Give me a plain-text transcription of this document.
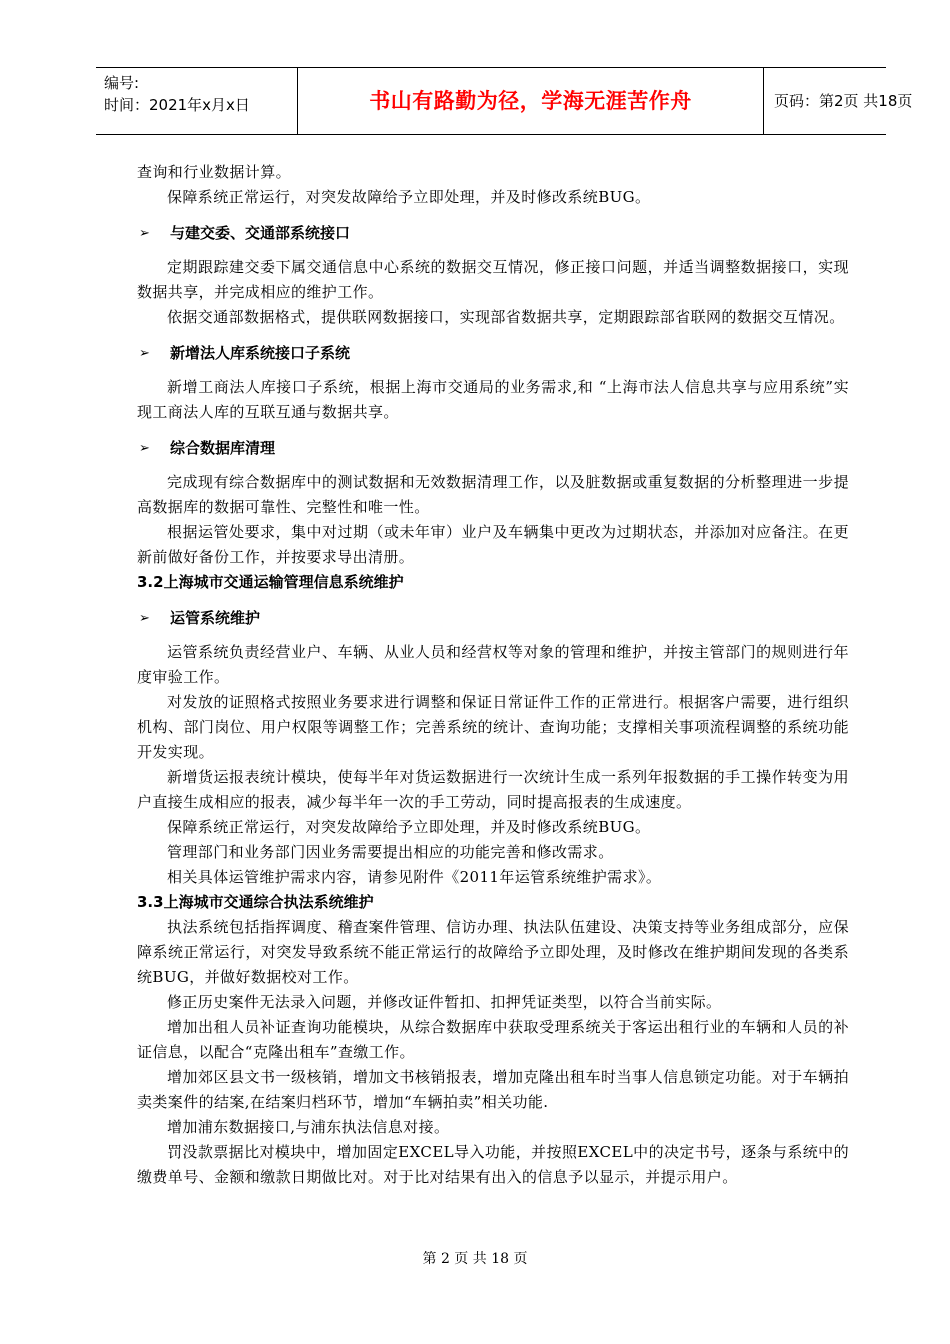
编号:
时间：2021年x月x日	书山有路勤为径，学海无涯苦作舟	页码：第2页 共18页

查询和行业数据计算。

保障系统正常运行，对突发故障给予立即处理，并及时修改系统BUG。

➢ 与建交委、交通部系统接口

定期跟踪建交委下属交通信息中心系统的数据交互情况，修正接口问题，并适当调整数据接口，实现数据共享，并完成相应的维护工作。

依据交通部数据格式，提供联网数据接口，实现部省数据共享，定期跟踪部省联网的数据交互情况。

➢ 新增法人库系统接口子系统

新增工商法人库接口子系统，根据上海市交通局的业务需求,和 “上海市法人信息共享与应用系统”实现工商法人库的互联互通与数据共享。

➢ 综合数据库清理

完成现有综合数据库中的测试数据和无效数据清理工作，以及脏数据或重复数据的分析整理进一步提高数据库的数据可靠性、完整性和唯一性。

根据运管处要求，集中对过期（或未年审）业户及车辆集中更改为过期状态，并添加对应备注。在更新前做好备份工作，并按要求导出清册。

3.2上海城市交通运输管理信息系统维护

➢ 运管系统维护

运管系统负责经营业户、车辆、从业人员和经营权等对象的管理和维护，并按主管部门的规则进行年度审验工作。

对发放的证照格式按照业务要求进行调整和保证日常证件工作的正常进行。根据客户需要，进行组织机构、部门岗位、用户权限等调整工作；完善系统的统计、查询功能；支撑相关事项流程调整的系统功能开发实现。

新增货运报表统计模块，使每半年对货运数据进行一次统计生成一系列年报数据的手工操作转变为用户直接生成相应的报表，减少每半年一次的手工劳动，同时提高报表的生成速度。

保障系统正常运行，对突发故障给予立即处理，并及时修改系统BUG。

管理部门和业务部门因业务需要提出相应的功能完善和修改需求。

相关具体运管维护需求内容，请参见附件《2011年运管系统维护需求》。

3.3上海城市交通综合执法系统维护

执法系统包括指挥调度、稽查案件管理、信访办理、执法队伍建设、决策支持等业务组成部分，应保障系统正常运行，对突发导致系统不能正常运行的故障给予立即处理，及时修改在维护期间发现的各类系统BUG，并做好数据校对工作。

修正历史案件无法录入问题，并修改证件暂扣、扣押凭证类型，以符合当前实际。

增加出租人员补证查询功能模块，从综合数据库中获取受理系统关于客运出租行业的车辆和人员的补证信息，以配合“克隆出租车”查缴工作。

增加郊区县文书一级核销，增加文书核销报表，增加克隆出租车时当事人信息锁定功能。对于车辆拍卖类案件的结案,在结案归档环节，增加“车辆拍卖”相关功能.

增加浦东数据接口,与浦东执法信息对接。

罚没款票据比对模块中，增加固定EXCEL导入功能，并按照EXCEL中的决定书号，逐条与系统中的缴费单号、金额和缴款日期做比对。对于比对结果有出入的信息予以显示，并提示用户。

第 2 页 共 18 页
